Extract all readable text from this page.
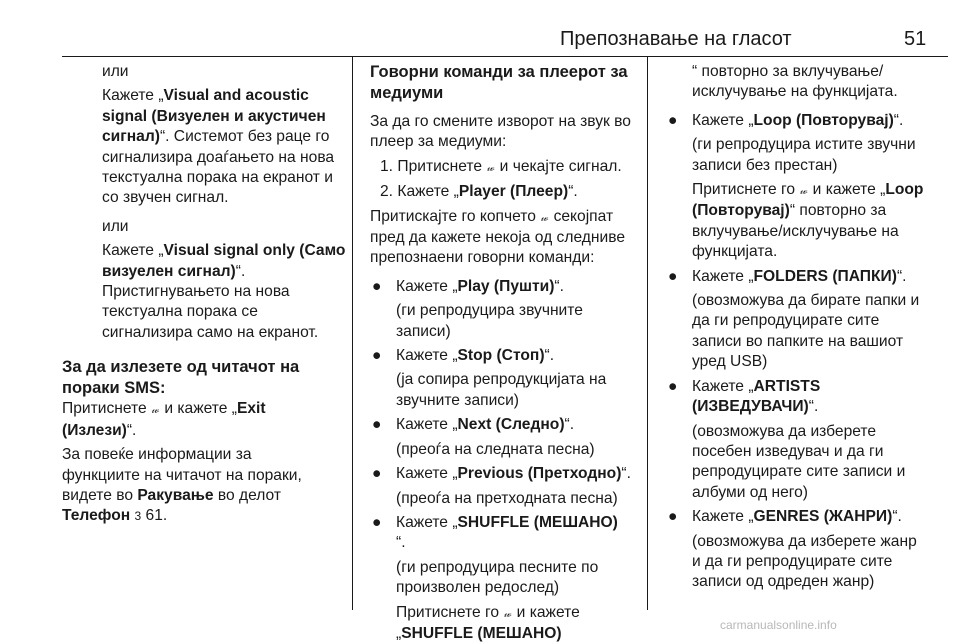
Препознавање на гласот	51

или

Кажете „Visual and acoustic
signal (Визуелен и акустичен
сигнал)“. Системот без раце го
сигнализира доаѓањето на нова
текстуална порака на екранот и
со звучен сигнал.

или

Кажете „Visual signal only (Само
визуелен сигнал)“.
Пристигнувањето на нова
текстуална порака се
сигнализира само на екранот.

За да излезете од читачот на
пораки SMS:

Притиснете 𝓌 и кажете „Exit
(Излези)“.

За повеќе информации за
функциите на читачот на пораки,
видете во Ракување во делот
Телефон 3 61.

Говорни команди за плеерот за
медиуми

За да го смените изворот на звук во
плеер за медиуми:

1. Притиснете 𝓌 и чекајте сигнал.

2. Кажете „Player (Плеер)“.

Притискајте го копчето 𝓌 секојпат
пред да кажете некоја од следниве
препознаени говорни команди:

● Кажете „Play (Пушти)“.

(ги репродуцира звучните
записи)

● Кажете „Stop (Стоп)“.

(ја сопира репродукцијата на
звучните записи)

● Кажете „Next (Следно)“.

(преоѓа на следната песна)

● Кажете „Previous (Претходно)“.

(преоѓа на претходната песна)

● Кажете „SHUFFLE (МЕШАНО)
“.

(ги репродуцира песните по
произволен редослед)

Притиснете го 𝓌 и кажете
„SHUFFLE (МЕШАНО)

“ повторно за вклучување/
исклучување на функцијата.

● Кажете „Loop (Повторувај)“.

(ги репродуцира истите звучни
записи без престан)

Притиснете го 𝓌 и кажете „Loop
(Повторувај)“ повторно за
вклучување/исклучување на
функцијата.

● Кажете „FOLDERS (ПАПКИ)“.

(овозможува да бирате папки и
да ги репродуцирате сите
записи во папките на вашиот
уред USB)

● Кажете „ARTISTS
(ИЗВЕДУВАЧИ)“.

(овозможува да изберете
посебен изведувач и да ги
репродуцирате сите записи и
албуми од него)

● Кажете „GENRES (ЖАНРИ)“.

(овозможува да изберете жанр
и да ги репродуцирате сите
записи од одреден жанр)

carmanualsonline.info
